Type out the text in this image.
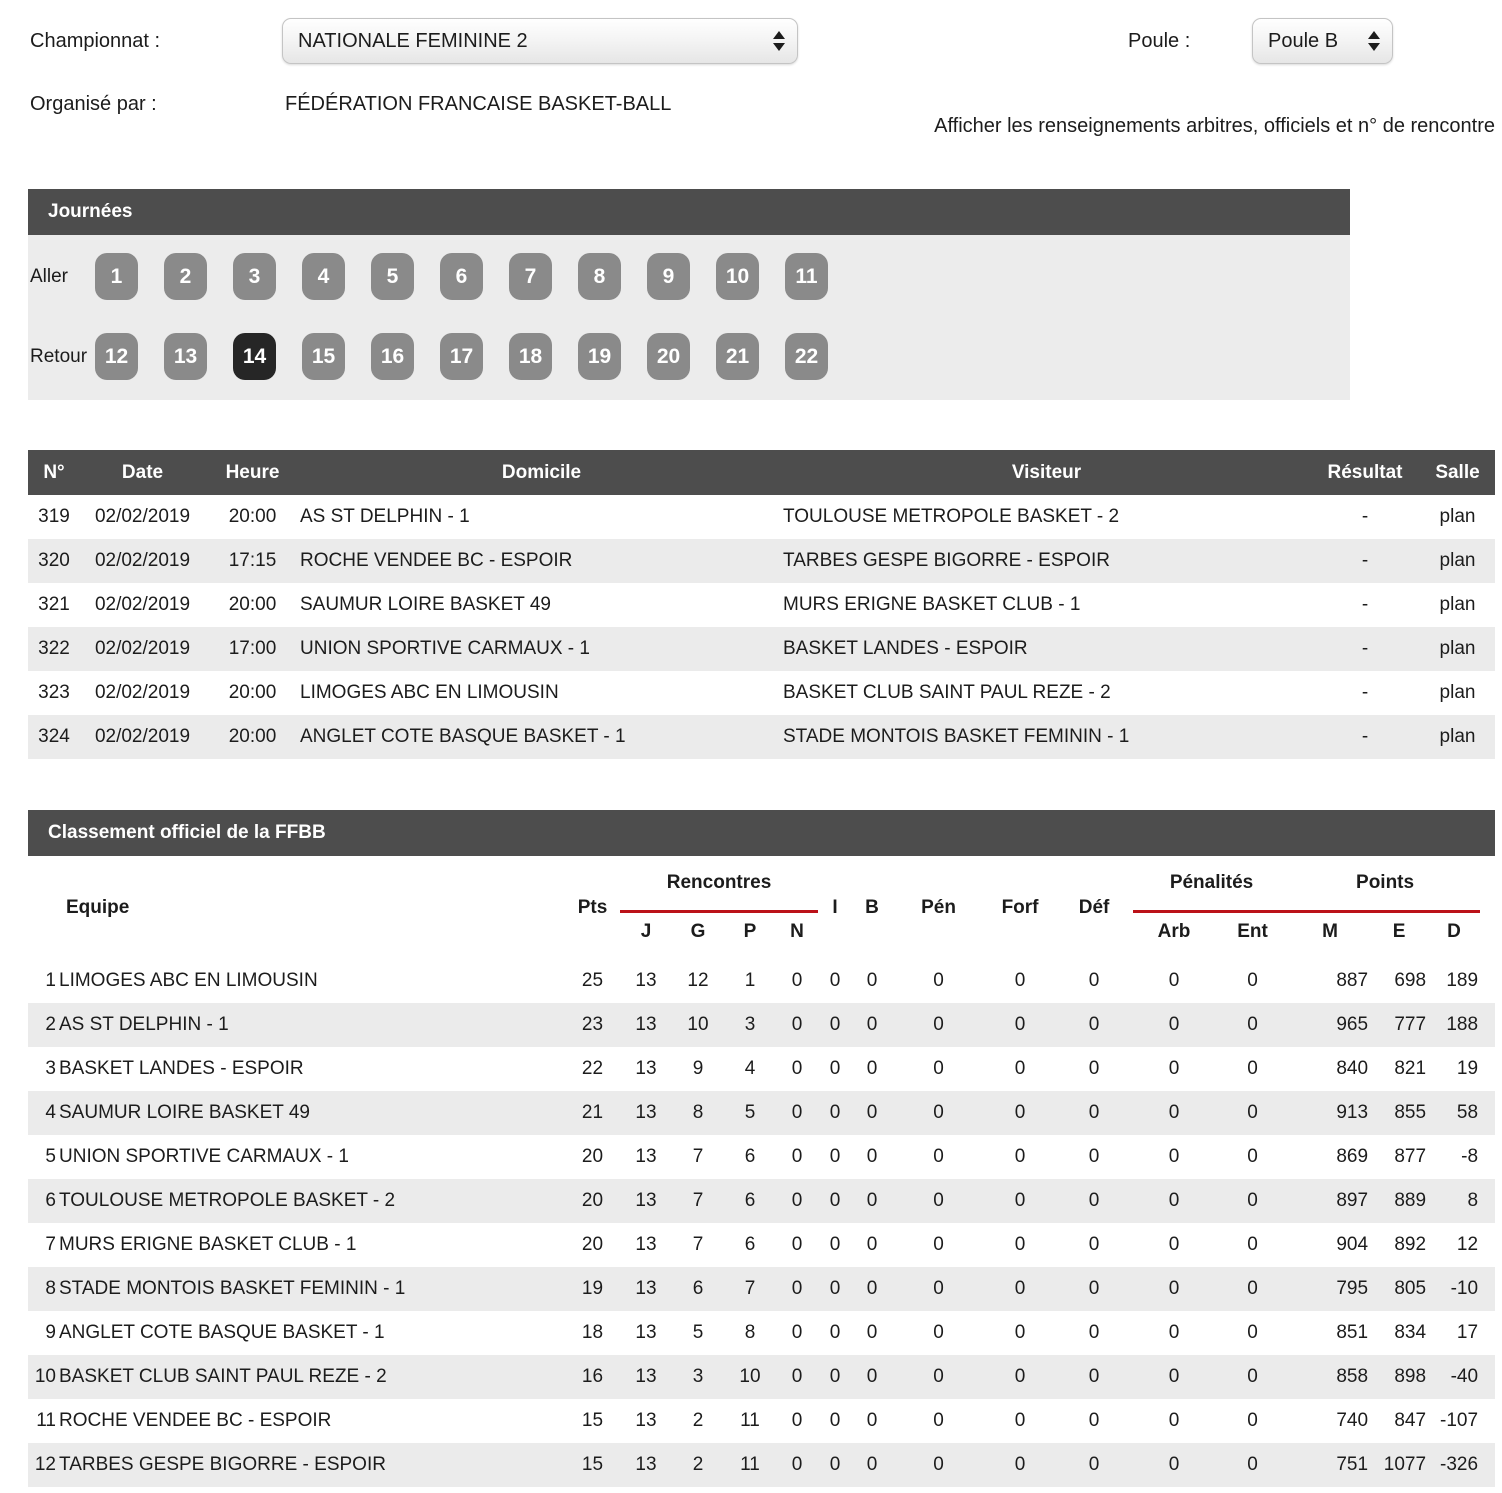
Championnat :	NATIONALE FEMININE 2	Poule :	Poule B
Organisé par :	FÉDÉRATION FRANCAISE BASKET-BALL
Afficher les renseignements arbitres, officiels et n° de rencontre
Journées
Aller	1	2	3	4	5	6	7	8	9	10	11
Retour 12	13	14	15	16	17	18	19	20	21	22
N°	Date	Heure	Domicile	Visiteur	Résultat	Salle
319	02/02/2019	20:00	AS ST DELPHIN - 1	TOULOUSE METROPOLE BASKET - 2	-	plan
320	02/02/2019	17:15	ROCHE VENDEE BC - ESPOIR	TARBES GESPE BIGORRE - ESPOIR	-	plan
321	02/02/2019	20:00	SAUMUR LOIRE BASKET 49	MURS ERIGNE BASKET CLUB - 1	-	plan
322	02/02/2019	17:00	UNION SPORTIVE CARMAUX - 1	BASKET LANDES - ESPOIR	-	plan
323	02/02/2019	20:00	LIMOGES ABC EN LIMOUSIN	BASKET CLUB SAINT PAUL REZE - 2	-	plan
324	02/02/2019	20:00	ANGLET COTE BASQUE BASKET - 1	STADE MONTOIS BASKET FEMININ - 1	-	plan
Classement officiel de la FFBB
Equipe		Pts	Rencontres				I	B	Pén	Forf	Déf	Pénalités		Points			
			J	G	P	N						Arb	Ent	M	E	D	
1	LIMOGES ABC EN LIMOUSIN	25	13	12	1	0	0	0	0	0	0	0	0	887	698	189	
2	AS ST DELPHIN - 1	23	13	10	3	0	0	0	0	0	0	0	0	965	777	188	
3	BASKET LANDES - ESPOIR	22	13	9	4	0	0	0	0	0	0	0	0	840	821	19	
4	SAUMUR LOIRE BASKET 49	21	13	8	5	0	0	0	0	0	0	0	0	913	855	58	
5	UNION SPORTIVE CARMAUX - 1	20	13	7	6	0	0	0	0	0	0	0	0	869	877	-8	
6	TOULOUSE METROPOLE BASKET - 2	20	13	7	6	0	0	0	0	0	0	0	0	897	889	8	
7	MURS ERIGNE BASKET CLUB - 1	20	13	7	6	0	0	0	0	0	0	0	0	904	892	12	
8	STADE MONTOIS BASKET FEMININ - 1	19	13	6	7	0	0	0	0	0	0	0	0	795	805	-10	
9	ANGLET COTE BASQUE BASKET - 1	18	13	5	8	0	0	0	0	0	0	0	0	851	834	17	
10	BASKET CLUB SAINT PAUL REZE - 2	16	13	3	10	0	0	0	0	0	0	0	0	858	898	-40	
11	ROCHE VENDEE BC - ESPOIR	15	13	2	11	0	0	0	0	0	0	0	0	740	847	-107	
12	TARBES GESPE BIGORRE - ESPOIR	15	13	2	11	0	0	0	0	0	0	0	0	751	1077	-326	
